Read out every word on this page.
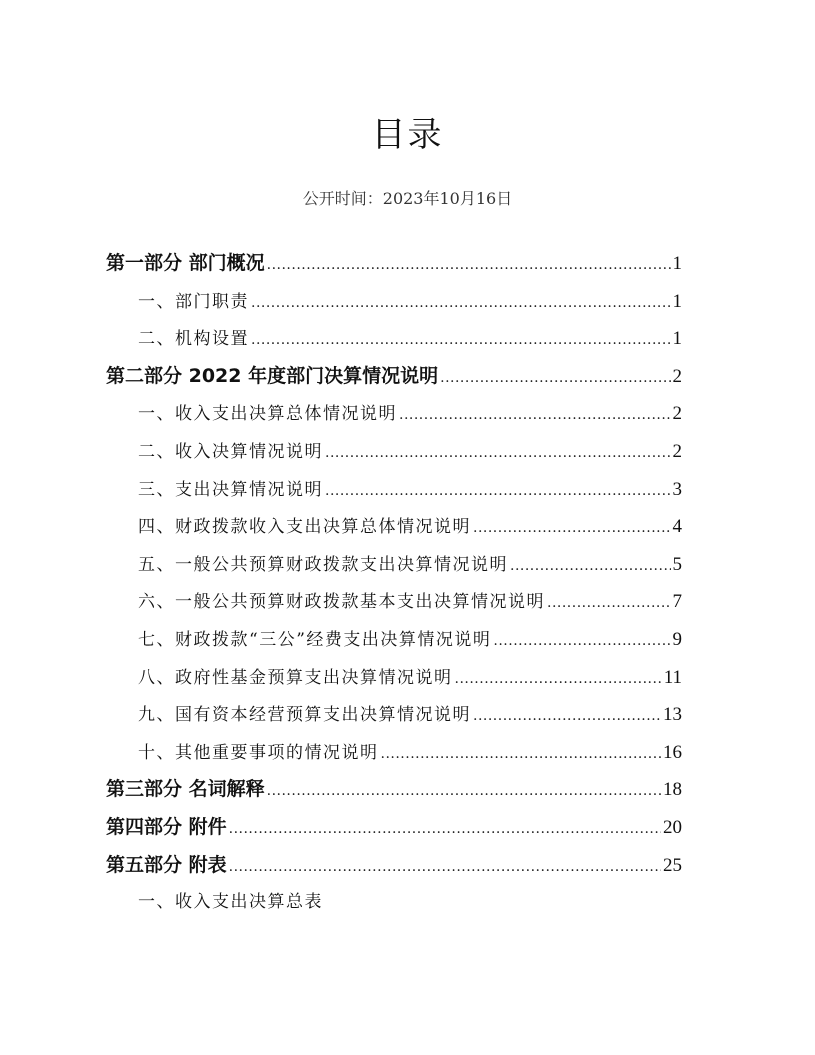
目录
公开时间：2023年10月16日
第一部分 部门概况 .....	1
一、部门职责 .....	1
二、机构设置 .....	1
第二部分 2022 年度部门决算情况说明 .....	2
一、收入支出决算总体情况说明 .....	2
二、收入决算情况说明 .....	2
三、支出决算情况说明 .....	3
四、财政拨款收入支出决算总体情况说明 .....	4
五、一般公共预算财政拨款支出决算情况说明 .....	5
六、一般公共预算财政拨款基本支出决算情况说明 .....	7
七、财政拨款“三公”经费支出决算情况说明 .....	9
八、政府性基金预算支出决算情况说明 .....	11
九、国有资本经营预算支出决算情况说明 .....	13
十、其他重要事项的情况说明 .....	16
第三部分 名词解释 .....	18
第四部分 附件 .....	20
第五部分 附表 .....	25
一、收入支出决算总表
